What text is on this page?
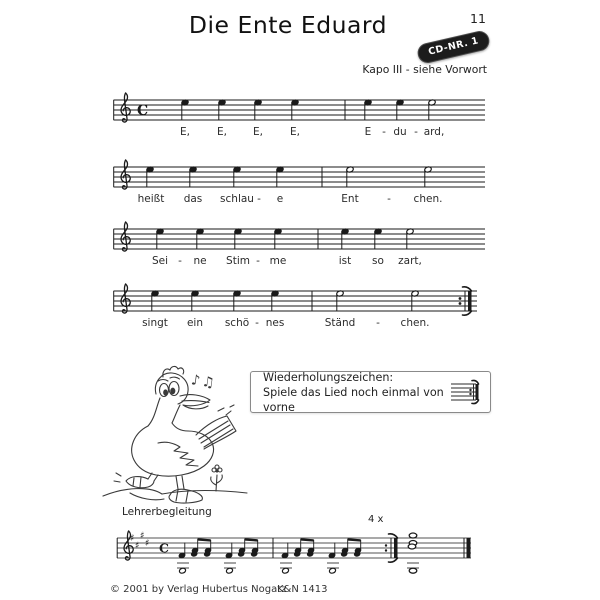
11
Die Ente Eduard
CD-NR. 1
Kapo III - siehe Vorwort
C
E,	E, E,	E,	E - du - ard,
heißt das schlau - e	Ent	- chen.
Sei - ne Stim - me	ist so zart,
singt ein schö - nes	Ständ - chen.
♪♫	Wiederholungszeichen:
Spiele das Lied noch einmal von vorne
Lehrerbegleitung
4 x
♯
♯
♯
♯ C
© 2001 by Verlag Hubertus Nogatz
K&N 1413
